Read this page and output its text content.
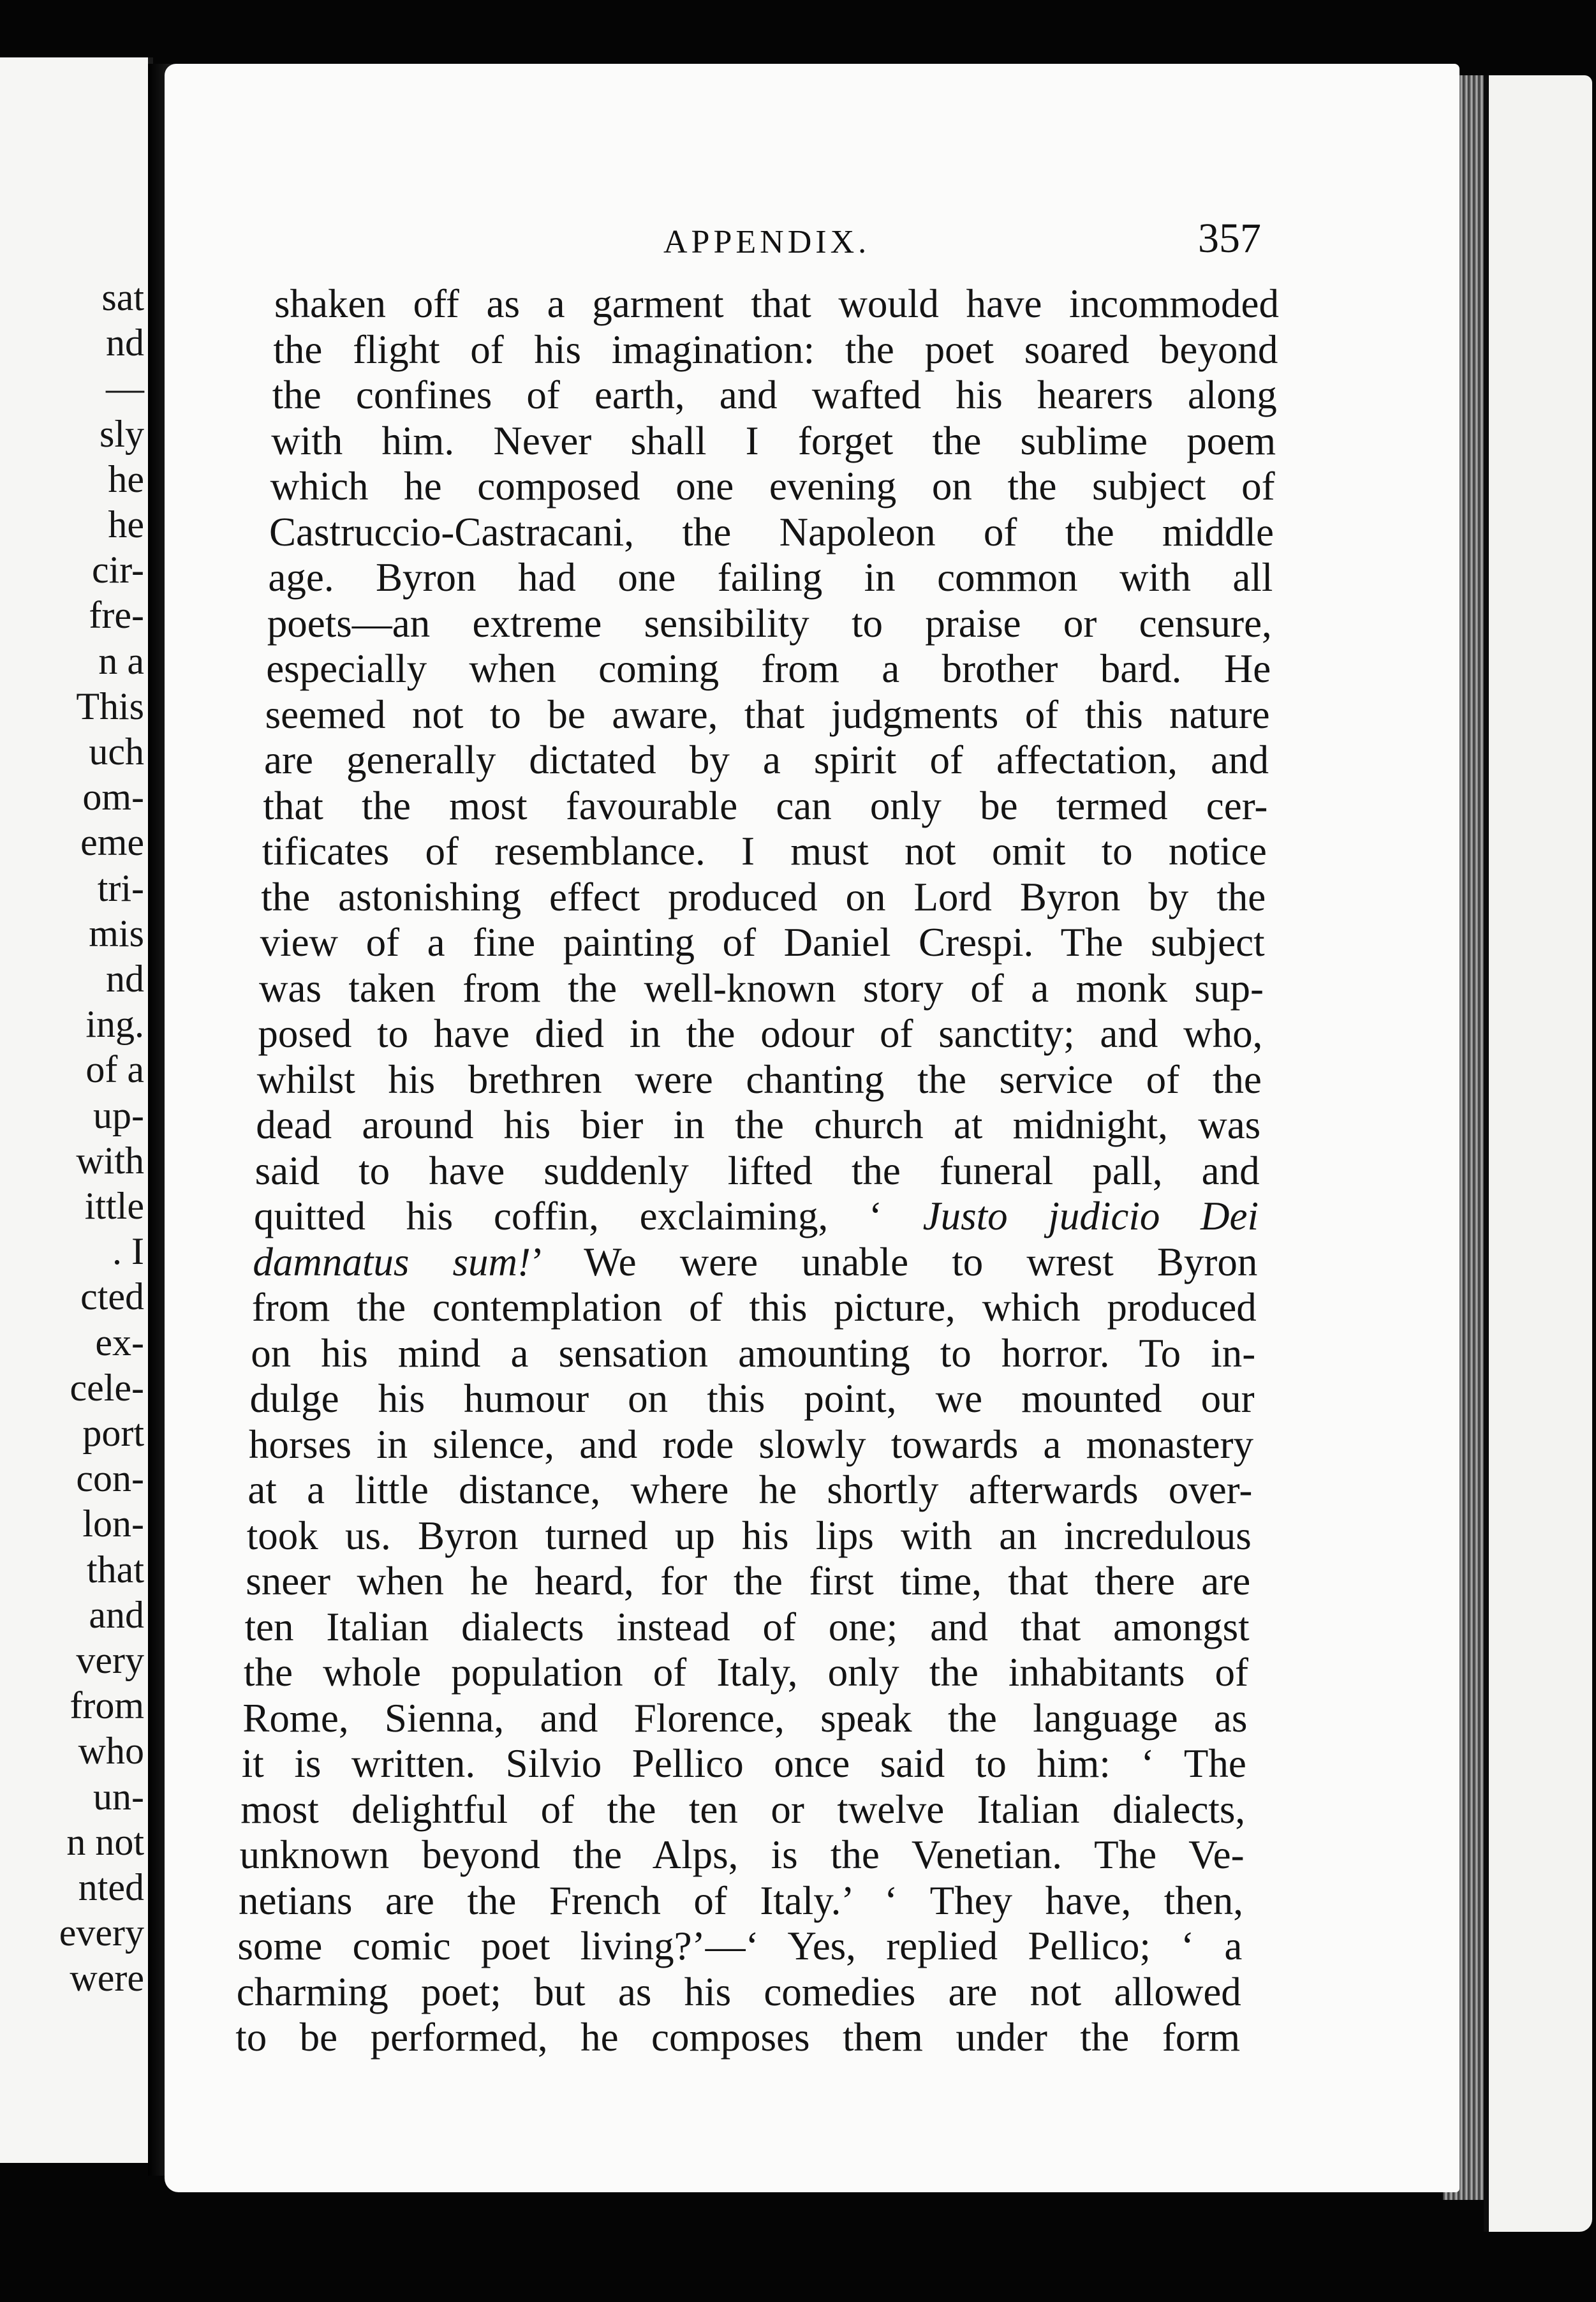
sat
nd
—
sly
he
he
cir-
fre-
n a
This
uch
om-
eme
tri-
mis
nd
ing.
of a
up-
with
ittle
. I
cted
ex-
cele-
port
con-
lon-
that
and
very
from
who
un-
n not
nted
every
were
APPENDIX.	357
shaken off as a garment that would have incommoded
the flight of his imagination: the poet soared beyond
the confines of earth, and wafted his hearers along
with him. Never shall I forget the sublime poem
which he composed one evening on the subject of
Castruccio-Castracani, the Napoleon of the middle
age. Byron had one failing in common with all
poets—an extreme sensibility to praise or censure,
especially when coming from a brother bard. He
seemed not to be aware, that judgments of this nature
are generally dictated by a spirit of affectation, and
that the most favourable can only be termed cer-
tificates of resemblance. I must not omit to notice
the astonishing effect produced on Lord Byron by the
view of a fine painting of Daniel Crespi. The subject
was taken from the well-known story of a monk sup-
posed to have died in the odour of sanctity; and who,
whilst his brethren were chanting the service of the
dead around his bier in the church at midnight, was
said to have suddenly lifted the funeral pall, and
quitted his coffin, exclaiming, ‘ Justo judicio Dei
damnatus sum!’ We were unable to wrest Byron
from the contemplation of this picture, which produced
on his mind a sensation amounting to horror. To in-
dulge his humour on this point, we mounted our
horses in silence, and rode slowly towards a monastery
at a little distance, where he shortly afterwards over-
took us. Byron turned up his lips with an incredulous
sneer when he heard, for the first time, that there are
ten Italian dialects instead of one; and that amongst
the whole population of Italy, only the inhabitants of
Rome, Sienna, and Florence, speak the language as
it is written. Silvio Pellico once said to him: ‘ The
most delightful of the ten or twelve Italian dialects,
unknown beyond the Alps, is the Venetian. The Ve-
netians are the French of Italy.’ ‘ They have, then,
some comic poet living?’—‘ Yes, replied Pellico; ‘ a
charming poet; but as his comedies are not allowed
to be performed, he composes them under the form
